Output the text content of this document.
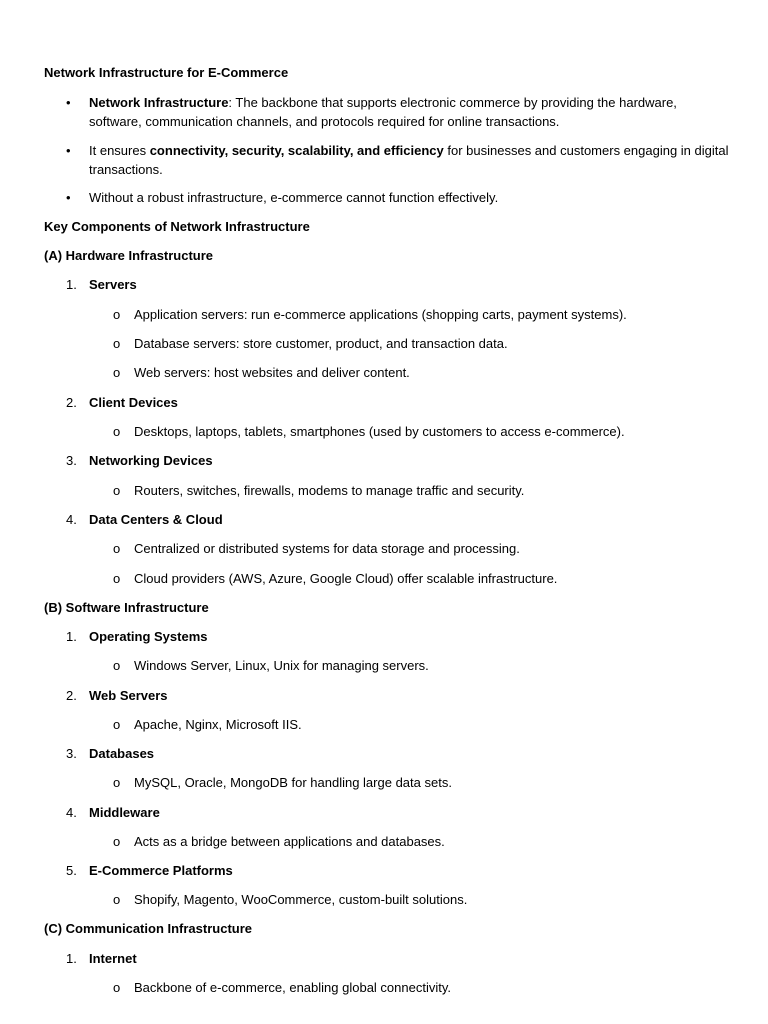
Network Infrastructure for E-Commerce
• Network Infrastructure: The backbone that supports electronic commerce by providing the hardware, software, communication channels, and protocols required for online transactions.
• It ensures connectivity, security, scalability, and efficiency for businesses and customers engaging in digital transactions.
• Without a robust infrastructure, e-commerce cannot function effectively.
Key Components of Network Infrastructure
(A) Hardware Infrastructure
1. Servers
o Application servers: run e-commerce applications (shopping carts, payment systems).
o Database servers: store customer, product, and transaction data.
o Web servers: host websites and deliver content.
2. Client Devices
o Desktops, laptops, tablets, smartphones (used by customers to access e-commerce).
3. Networking Devices
o Routers, switches, firewalls, modems to manage traffic and security.
4. Data Centers & Cloud
o Centralized or distributed systems for data storage and processing.
o Cloud providers (AWS, Azure, Google Cloud) offer scalable infrastructure.
(B) Software Infrastructure
1. Operating Systems
o Windows Server, Linux, Unix for managing servers.
2. Web Servers
o Apache, Nginx, Microsoft IIS.
3. Databases
o MySQL, Oracle, MongoDB for handling large data sets.
4. Middleware
o Acts as a bridge between applications and databases.
5. E-Commerce Platforms
o Shopify, Magento, WooCommerce, custom-built solutions.
(C) Communication Infrastructure
1. Internet
o Backbone of e-commerce, enabling global connectivity.
